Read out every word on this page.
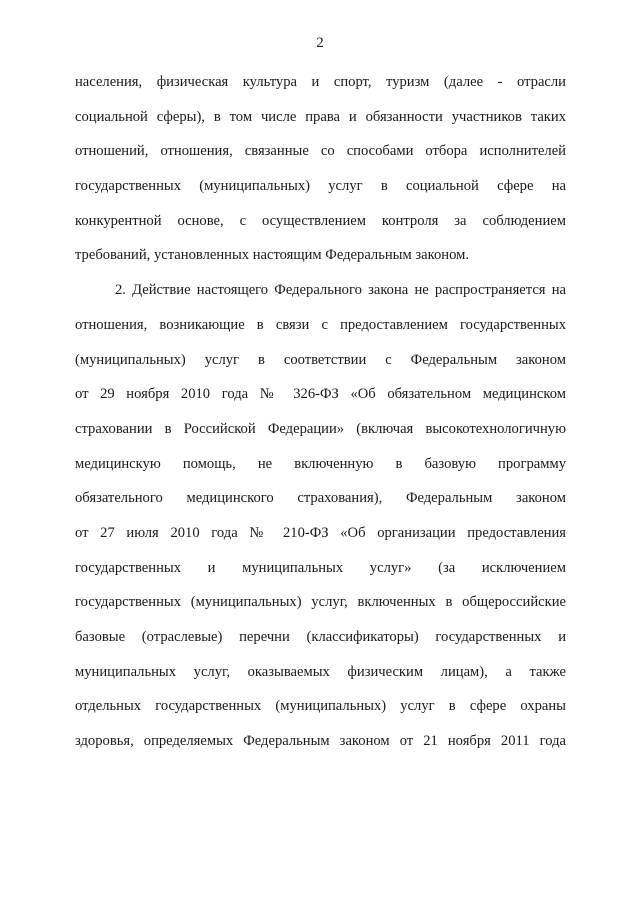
2
населения, физическая культура и спорт, туризм (далее - отрасли
социальной сферы), в том числе права и обязанности участников таких
отношений, отношения, связанные со способами отбора исполнителей
государственных (муниципальных) услуг в социальной сфере на
конкурентной основе, с осуществлением контроля за соблюдением
требований, установленных настоящим Федеральным законом.
2. Действие настоящего Федерального закона не распространяется на
отношения, возникающие в связи с предоставлением государственных
(муниципальных) услуг в соответствии с Федеральным законом
от 29 ноября 2010 года № 326-ФЗ «Об обязательном медицинском
страховании в Российской Федерации» (включая высокотехнологичную
медицинскую помощь, не включенную в базовую программу
обязательного медицинского страхования), Федеральным законом
от 27 июля 2010 года № 210-ФЗ «Об организации предоставления
государственных и муниципальных услуг» (за исключением
государственных (муниципальных) услуг, включенных в общероссийские
базовые (отраслевые) перечни (классификаторы) государственных и
муниципальных услуг, оказываемых физическим лицам), а также
отдельных государственных (муниципальных) услуг в сфере охраны
здоровья, определяемых Федеральным законом от 21 ноября 2011 года
